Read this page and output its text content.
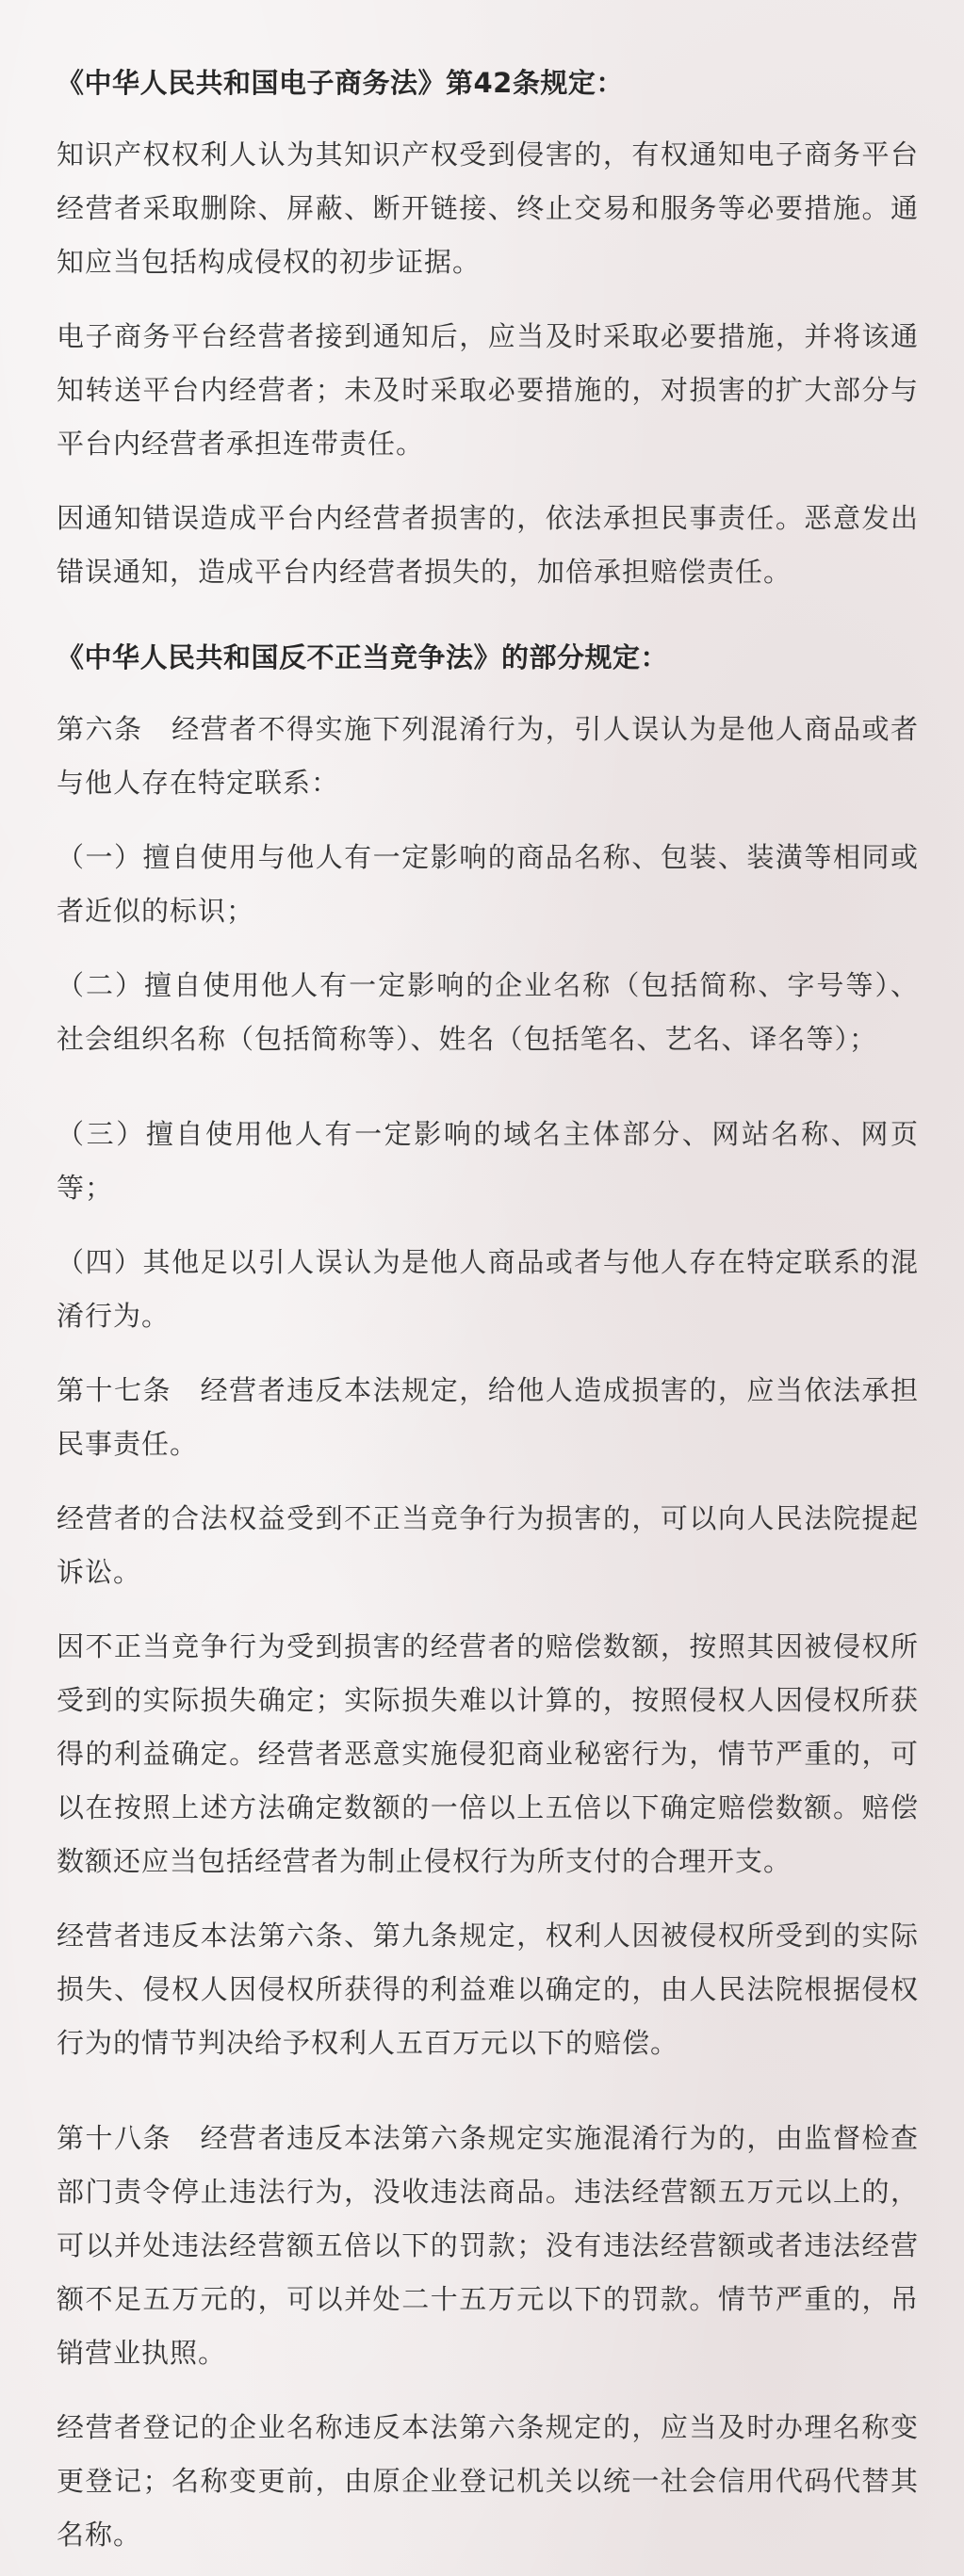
《中华人民共和国电子商务法》第42条规定：

知识产权权利人认为其知识产权受到侵害的，有权通知电子商务平台经营者采取删除、屏蔽、断开链接、终止交易和服务等必要措施。通知应当包括构成侵权的初步证据。

电子商务平台经营者接到通知后，应当及时采取必要措施，并将该通知转送平台内经营者；未及时采取必要措施的，对损害的扩大部分与平台内经营者承担连带责任。

因通知错误造成平台内经营者损害的，依法承担民事责任。恶意发出错误通知，造成平台内经营者损失的，加倍承担赔偿责任。

《中华人民共和国反不正当竞争法》的部分规定：

第六条　经营者不得实施下列混淆行为，引人误认为是他人商品或者与他人存在特定联系：

（一）擅自使用与他人有一定影响的商品名称、包装、装潢等相同或者近似的标识；

（二）擅自使用他人有一定影响的企业名称（包括简称、字号等）、社会组织名称（包括简称等）、姓名（包括笔名、艺名、译名等）；

（三）擅自使用他人有一定影响的域名主体部分、网站名称、网页等；

（四）其他足以引人误认为是他人商品或者与他人存在特定联系的混淆行为。

第十七条　经营者违反本法规定，给他人造成损害的，应当依法承担民事责任。

经营者的合法权益受到不正当竞争行为损害的，可以向人民法院提起诉讼。

因不正当竞争行为受到损害的经营者的赔偿数额，按照其因被侵权所受到的实际损失确定；实际损失难以计算的，按照侵权人因侵权所获得的利益确定。经营者恶意实施侵犯商业秘密行为，情节严重的，可以在按照上述方法确定数额的一倍以上五倍以下确定赔偿数额。赔偿数额还应当包括经营者为制止侵权行为所支付的合理开支。

经营者违反本法第六条、第九条规定，权利人因被侵权所受到的实际损失、侵权人因侵权所获得的利益难以确定的，由人民法院根据侵权行为的情节判决给予权利人五百万元以下的赔偿。

第十八条　经营者违反本法第六条规定实施混淆行为的，由监督检查部门责令停止违法行为，没收违法商品。违法经营额五万元以上的，可以并处违法经营额五倍以下的罚款；没有违法经营额或者违法经营额不足五万元的，可以并处二十五万元以下的罚款。情节严重的，吊销营业执照。

经营者登记的企业名称违反本法第六条规定的，应当及时办理名称变更登记；名称变更前，由原企业登记机关以统一社会信用代码代替其名称。
